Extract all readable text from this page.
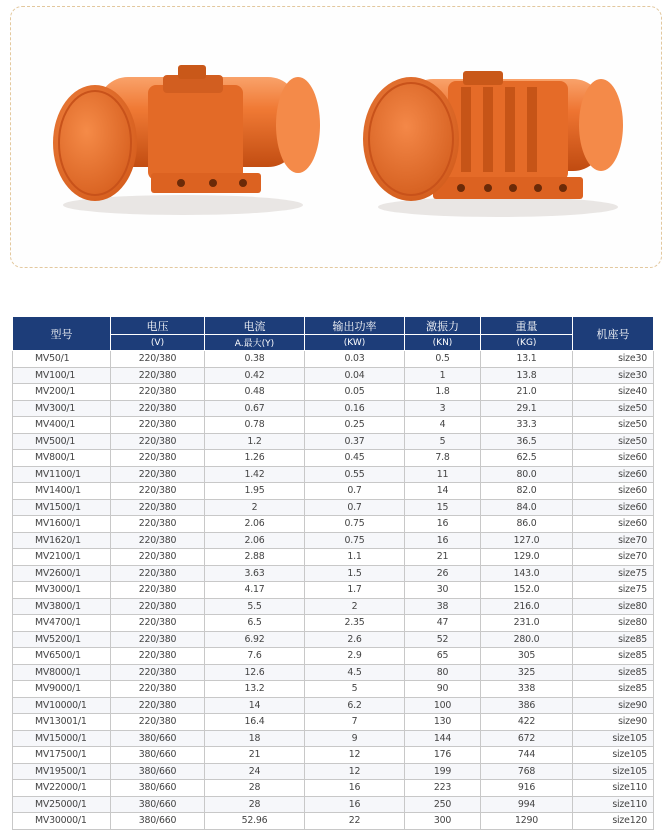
型号	电压	电流	输出功率	激振力	重量	机座号
	(V)	A.最大(Y)	(KW)	(KN)	(KG)	
MV50/1	220/380	0.38	0.03	0.5	13.1	size30
MV100/1	220/380	0.42	0.04	1	13.8	size30
MV200/1	220/380	0.48	0.05	1.8	21.0	size40
MV300/1	220/380	0.67	0.16	3	29.1	size50
MV400/1	220/380	0.78	0.25	4	33.3	size50
MV500/1	220/380	1.2	0.37	5	36.5	size50
MV800/1	220/380	1.26	0.45	7.8	62.5	size60
MV1100/1	220/380	1.42	0.55	11	80.0	size60
MV1400/1	220/380	1.95	0.7	14	82.0	size60
MV1500/1	220/380	2	0.7	15	84.0	size60
MV1600/1	220/380	2.06	0.75	16	86.0	size60
MV1620/1	220/380	2.06	0.75	16	127.0	size70
MV2100/1	220/380	2.88	1.1	21	129.0	size70
MV2600/1	220/380	3.63	1.5	26	143.0	size75
MV3000/1	220/380	4.17	1.7	30	152.0	size75
MV3800/1	220/380	5.5	2	38	216.0	size80
MV4700/1	220/380	6.5	2.35	47	231.0	size80
MV5200/1	220/380	6.92	2.6	52	280.0	size85
MV6500/1	220/380	7.6	2.9	65	305	size85
MV8000/1	220/380	12.6	4.5	80	325	size85
MV9000/1	220/380	13.2	5	90	338	size85
MV10000/1	220/380	14	6.2	100	386	size90
MV13001/1	220/380	16.4	7	130	422	size90
MV15000/1	380/660	18	9	144	672	size105
MV17500/1	380/660	21	12	176	744	size105
MV19500/1	380/660	24	12	199	768	size105
MV22000/1	380/660	28	16	223	916	size110
MV25000/1	380/660	28	16	250	994	size110
MV30000/1	380/660	52.96	22	300	1290	size120
